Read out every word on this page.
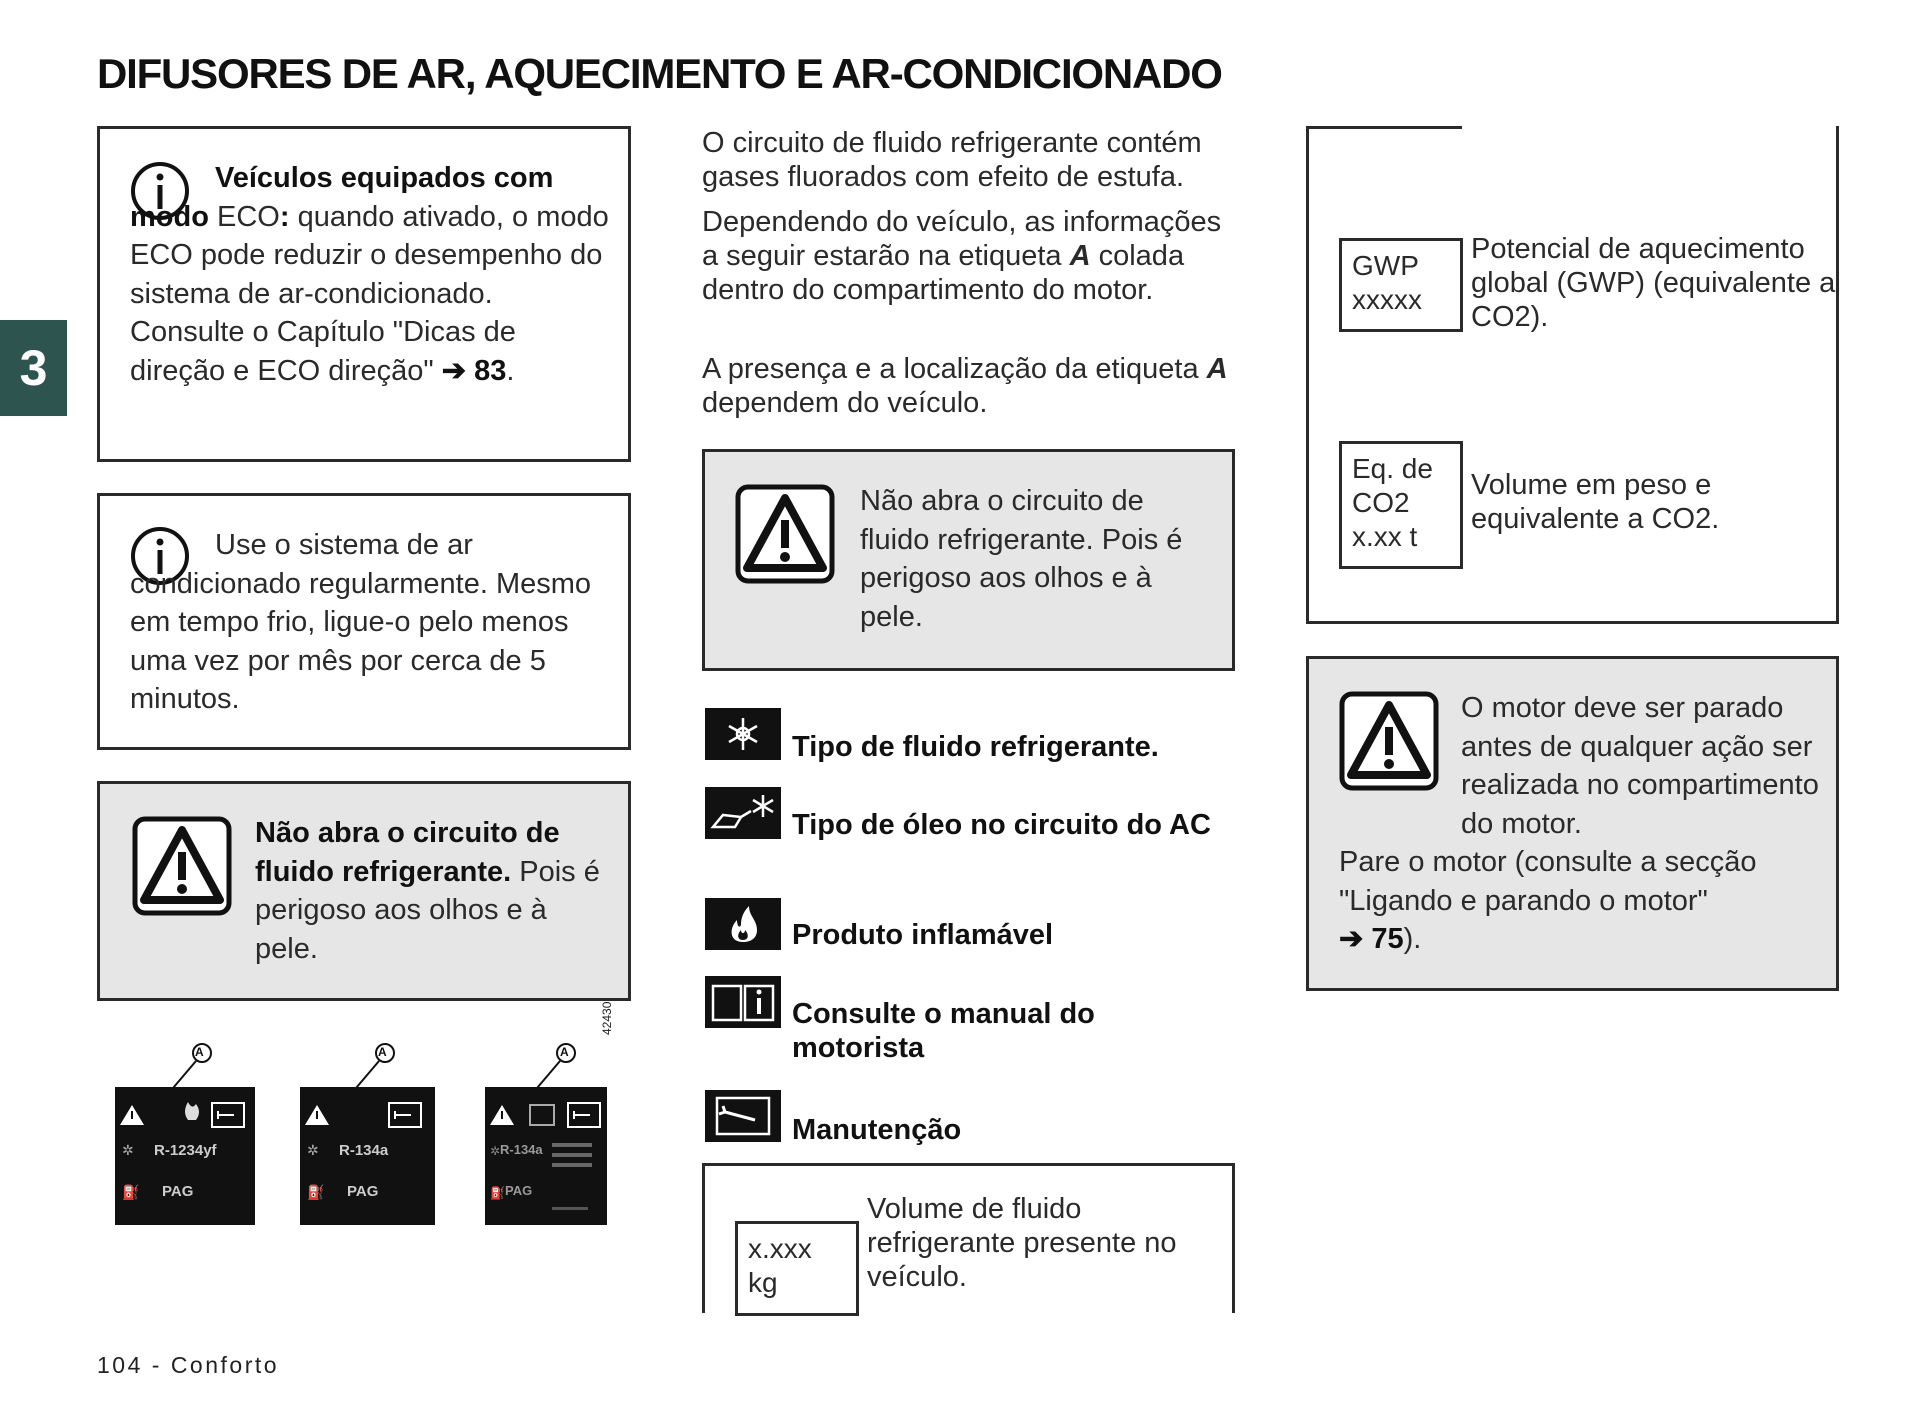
DIFUSORES DE AR, AQUECIMENTO E AR-CONDICIONADO
3
Veículos equipados com modo ECO: quando ativado, o modo ECO pode reduzir o desempenho do sistema de ar-condicionado. Consulte o Capítulo "Dicas de direção e ECO direção" ➔ 83.
Use o sistema de ar condicionado regularmente. Mesmo em tempo frio, ligue-o pelo menos uma vez por mês por cerca de 5 minutos.
Não abra o circuito de fluido refrigerante. Pois é perigoso aos olhos e à pele.
42430
✲
⛽
R-1234yf
PAG
A
✲
⛽
R-134a
PAG
A
✲
⛽
R-134a
PAG
A
O circuito de fluido refrigerante contém gases fluorados com efeito de estufa.
Dependendo do veículo, as informações a seguir estarão na etiqueta A colada dentro do compartimento do motor.
A presença e a localização da etiqueta A dependem do veículo.
Não abra o circuito de fluido refrigerante. Pois é perigoso aos olhos e à pele.
Tipo de fluido refrigerante.
Tipo de óleo no circuito do AC
Produto inflamável
Consulte o manual do motorista
Manutenção
x.xxx kg
Volume de fluido refrigerante presente no veículo.
GWP
xxxxx
Potencial de aquecimento global (GWP) (equivalente a CO2).
Eq. de
CO2
x.xx t
Volume em peso e equivalente a CO2.
O motor deve ser parado antes de qualquer ação ser realizada no compartimento do motor.
Pare o motor (consulte a secção "Ligando e parando o motor"
➔ 75).
104 - Conforto
